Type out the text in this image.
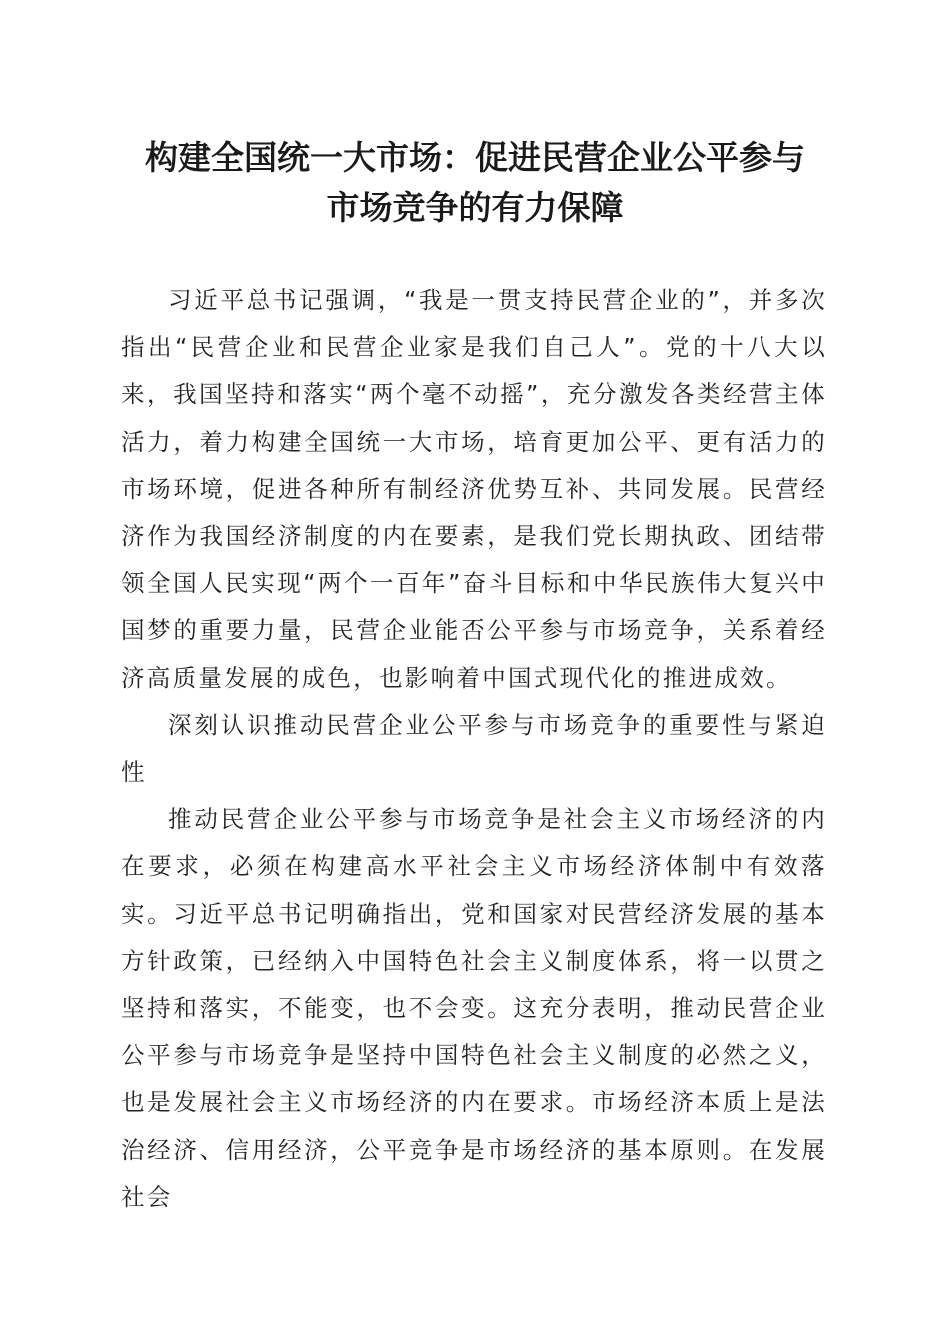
构建全国统一大市场：促进民营企业公平参与
市场竞争的有力保障

习近平总书记强调，“我是一贯支持民营企业的”，并多次指出“民营企业和民营企业家是我们自己人”。党的十八大以来，我国坚持和落实“两个毫不动摇”，充分激发各类经营主体活力，着力构建全国统一大市场，培育更加公平、更有活力的市场环境，促进各种所有制经济优势互补、共同发展。民营经济作为我国经济制度的内在要素，是我们党长期执政、团结带领全国人民实现“两个一百年”奋斗目标和中华民族伟大复兴中国梦的重要力量，民营企业能否公平参与市场竞争，关系着经济高质量发展的成色，也影响着中国式现代化的推进成效。

深刻认识推动民营企业公平参与市场竞争的重要性与紧迫性

推动民营企业公平参与市场竞争是社会主义市场经济的内在要求，必须在构建高水平社会主义市场经济体制中有效落实。习近平总书记明确指出，党和国家对民营经济发展的基本方针政策，已经纳入中国特色社会主义制度体系，将一以贯之坚持和落实，不能变，也不会变。这充分表明，推动民营企业公平参与市场竞争是坚持中国特色社会主义制度的必然之义，也是发展社会主义市场经济的内在要求。市场经济本质上是法治经济、信用经济，公平竞争是市场经济的基本原则。在发展社会
